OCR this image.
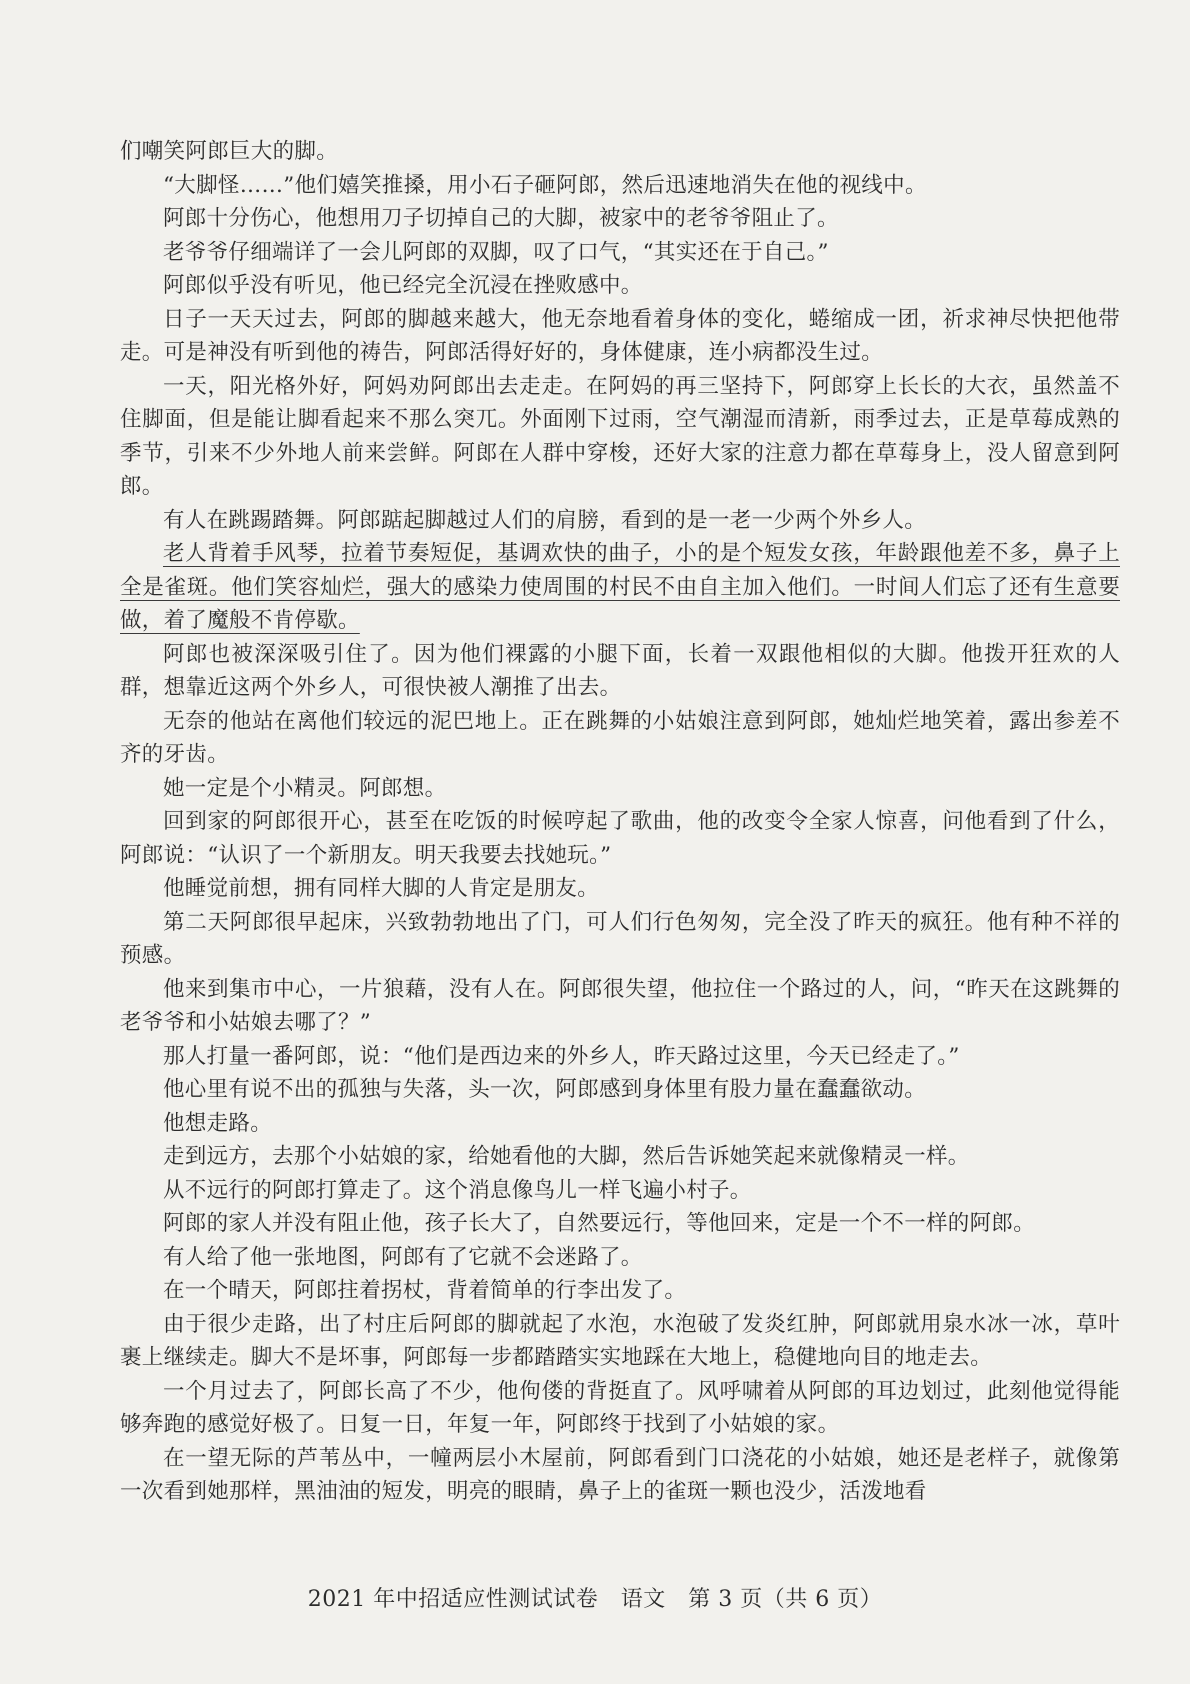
们嘲笑阿郎巨大的脚。

“大脚怪……”他们嬉笑推搡，用小石子砸阿郎，然后迅速地消失在他的视线中。

阿郎十分伤心，他想用刀子切掉自己的大脚，被家中的老爷爷阻止了。

老爷爷仔细端详了一会儿阿郎的双脚，叹了口气，“其实还在于自己。”

阿郎似乎没有听见，他已经完全沉浸在挫败感中。

日子一天天过去，阿郎的脚越来越大，他无奈地看着身体的变化，蜷缩成一团，祈求神尽快把他带走。可是神没有听到他的祷告，阿郎活得好好的，身体健康，连小病都没生过。

一天，阳光格外好，阿妈劝阿郎出去走走。在阿妈的再三坚持下，阿郎穿上长长的大衣，虽然盖不住脚面，但是能让脚看起来不那么突兀。外面刚下过雨，空气潮湿而清新，雨季过去，正是草莓成熟的季节，引来不少外地人前来尝鲜。阿郎在人群中穿梭，还好大家的注意力都在草莓身上，没人留意到阿郎。

有人在跳踢踏舞。阿郎踮起脚越过人们的肩膀，看到的是一老一少两个外乡人。

老人背着手风琴，拉着节奏短促，基调欢快的曲子，小的是个短发女孩，年龄跟他差不多，鼻子上全是雀斑。他们笑容灿烂，强大的感染力使周围的村民不由自主加入他们。一时间人们忘了还有生意要做，着了魔般不肯停歇。

阿郎也被深深吸引住了。因为他们裸露的小腿下面，长着一双跟他相似的大脚。他拨开狂欢的人群，想靠近这两个外乡人，可很快被人潮推了出去。

无奈的他站在离他们较远的泥巴地上。正在跳舞的小姑娘注意到阿郎，她灿烂地笑着，露出参差不齐的牙齿。

她一定是个小精灵。阿郎想。

回到家的阿郎很开心，甚至在吃饭的时候哼起了歌曲，他的改变令全家人惊喜，问他看到了什么，阿郎说：“认识了一个新朋友。明天我要去找她玩。”

他睡觉前想，拥有同样大脚的人肯定是朋友。

第二天阿郎很早起床，兴致勃勃地出了门，可人们行色匆匆，完全没了昨天的疯狂。他有种不祥的预感。

他来到集市中心，一片狼藉，没有人在。阿郎很失望，他拉住一个路过的人，问，“昨天在这跳舞的老爷爷和小姑娘去哪了？”

那人打量一番阿郎，说：“他们是西边来的外乡人，昨天路过这里，今天已经走了。”

他心里有说不出的孤独与失落，头一次，阿郎感到身体里有股力量在蠢蠢欲动。

他想走路。

走到远方，去那个小姑娘的家，给她看他的大脚，然后告诉她笑起来就像精灵一样。

从不远行的阿郎打算走了。这个消息像鸟儿一样飞遍小村子。

阿郎的家人并没有阻止他，孩子长大了，自然要远行，等他回来，定是一个不一样的阿郎。

有人给了他一张地图，阿郎有了它就不会迷路了。

在一个晴天，阿郎拄着拐杖，背着简单的行李出发了。

由于很少走路，出了村庄后阿郎的脚就起了水泡，水泡破了发炎红肿，阿郎就用泉水冰一冰，草叶裹上继续走。脚大不是坏事，阿郎每一步都踏踏实实地踩在大地上，稳健地向目的地走去。

一个月过去了，阿郎长高了不少，他佝偻的背挺直了。风呼啸着从阿郎的耳边划过，此刻他觉得能够奔跑的感觉好极了。日复一日，年复一年，阿郎终于找到了小姑娘的家。

在一望无际的芦苇丛中，一幢两层小木屋前，阿郎看到门口浇花的小姑娘，她还是老样子，就像第一次看到她那样，黑油油的短发，明亮的眼睛，鼻子上的雀斑一颗也没少，活泼地看

2021 年中招适应性测试试卷　语文　第 3 页（共 6 页）
